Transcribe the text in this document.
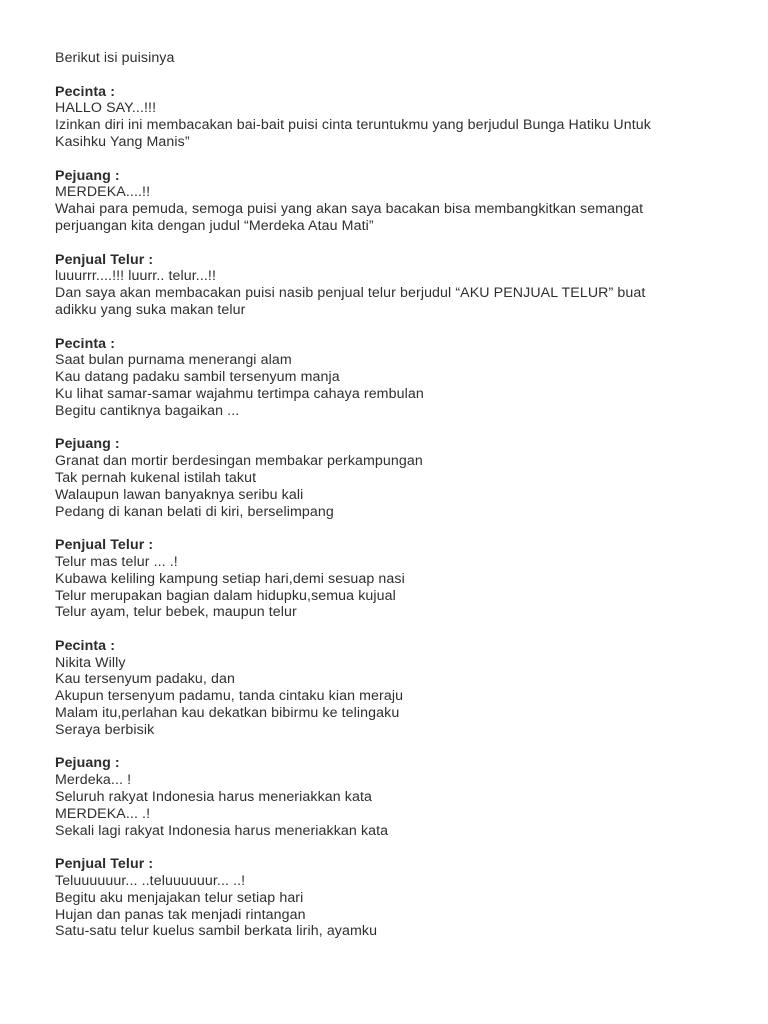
Berikut isi puisinya
Pecinta :
HALLO SAY...!!!
Izinkan diri ini membacakan bai-bait puisi cinta teruntukmu yang berjudul Bunga Hatiku Untuk
Kasihku Yang Manis”
Pejuang :
MERDEKA....!!
Wahai para pemuda, semoga puisi yang akan saya bacakan bisa membangkitkan semangat
perjuangan kita dengan judul “Merdeka Atau Mati”
Penjual Telur :
luuurrr....!!! luurr.. telur...!!
Dan saya akan membacakan puisi nasib penjual telur berjudul “AKU PENJUAL TELUR” buat
adikku yang suka makan telur
Pecinta :
Saat bulan purnama menerangi alam
Kau datang padaku sambil tersenyum manja
Ku lihat samar-samar wajahmu tertimpa cahaya rembulan
Begitu cantiknya bagaikan ...
Pejuang :
Granat dan mortir berdesingan membakar perkampungan
Tak pernah kukenal istilah takut
Walaupun lawan banyaknya seribu kali
Pedang di kanan belati di kiri, berselimpang
Penjual Telur :
Telur mas telur ... .!
Kubawa keliling kampung setiap hari,demi sesuap nasi
Telur merupakan bagian dalam hidupku,semua kujual
Telur ayam, telur bebek, maupun telur
Pecinta :
Nikita Willy
Kau tersenyum padaku, dan
Akupun tersenyum padamu, tanda cintaku kian meraju
Malam itu,perlahan kau dekatkan bibirmu ke telingaku
Seraya berbisik
Pejuang :
Merdeka... !
Seluruh rakyat Indonesia harus meneriakkan kata
MERDEKA... .!
Sekali lagi rakyat Indonesia harus meneriakkan kata
Penjual Telur :
Teluuuuuur... ..teluuuuuur... ..!
Begitu aku menjajakan telur setiap hari
Hujan dan panas tak menjadi rintangan
Satu-satu telur kuelus sambil berkata lirih, ayamku
